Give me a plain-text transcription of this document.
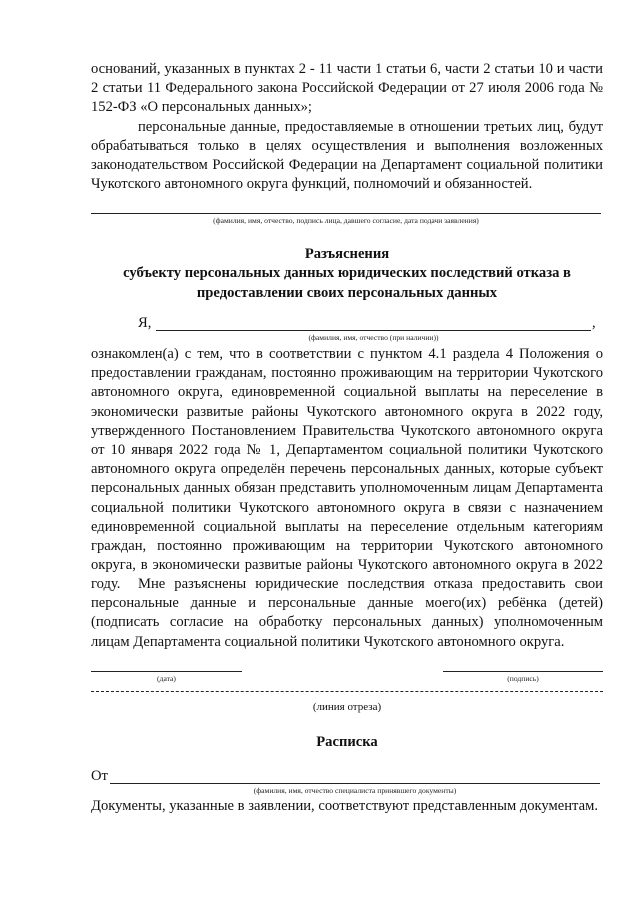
оснований, указанных в пунктах 2 - 11 части 1 статьи 6, части 2 статьи 10 и части 2 статьи 11 Федерального закона Российской Федерации от 27 июля 2006 года № 152-ФЗ «О персональных данных»;
персональные данные, предоставляемые в отношении третьих лиц, будут обрабатываться только в целях осуществления и выполнения возложенных законодательством Российской Федерации на Департамент социальной политики Чукотского автономного округа функций, полномочий и обязанностей.
(фамилия, имя, отчество, подпись лица, давшего согласие, дата подачи заявления)
Разъяснения
субъекту персональных данных юридических последствий отказа в предоставлении своих персональных данных
Я,	,
(фамилия, имя, отчество (при наличии))
ознакомлен(а) с тем, что в соответствии с пунктом 4.1 раздела 4 Положения о предоставлении гражданам, постоянно проживающим на территории Чукотского автономного округа, единовременной социальной выплаты на переселение в экономически развитые районы Чукотского автономного округа в 2022 году, утвержденного Постановлением Правительства Чукотского автономного округа от 10 января 2022 года № 1, Департаментом социальной политики Чукотского автономного округа определён перечень персональных данных, которые субъект персональных данных обязан представить уполномоченным лицам Департамента социальной политики Чукотского автономного округа в связи с назначением единовременной социальной выплаты на переселение отдельным категориям граждан, постоянно проживающим на территории Чукотского автономного округа, в экономически развитые районы Чукотского автономного округа в 2022 году.	Мне разъяснены юридические последствия отказа предоставить свои персональные данные и персональные данные моего(их) ребёнка (детей) (подписать согласие на обработку персональных данных) уполномоченным лицам Департамента социальной политики Чукотского автономного округа.
(дата)	(подпись)
(линия отреза)
Расписка
От
(фамилия, имя, отчество специалиста принявшего документы)
Документы, указанные в заявлении, соответствуют представленным документам.
